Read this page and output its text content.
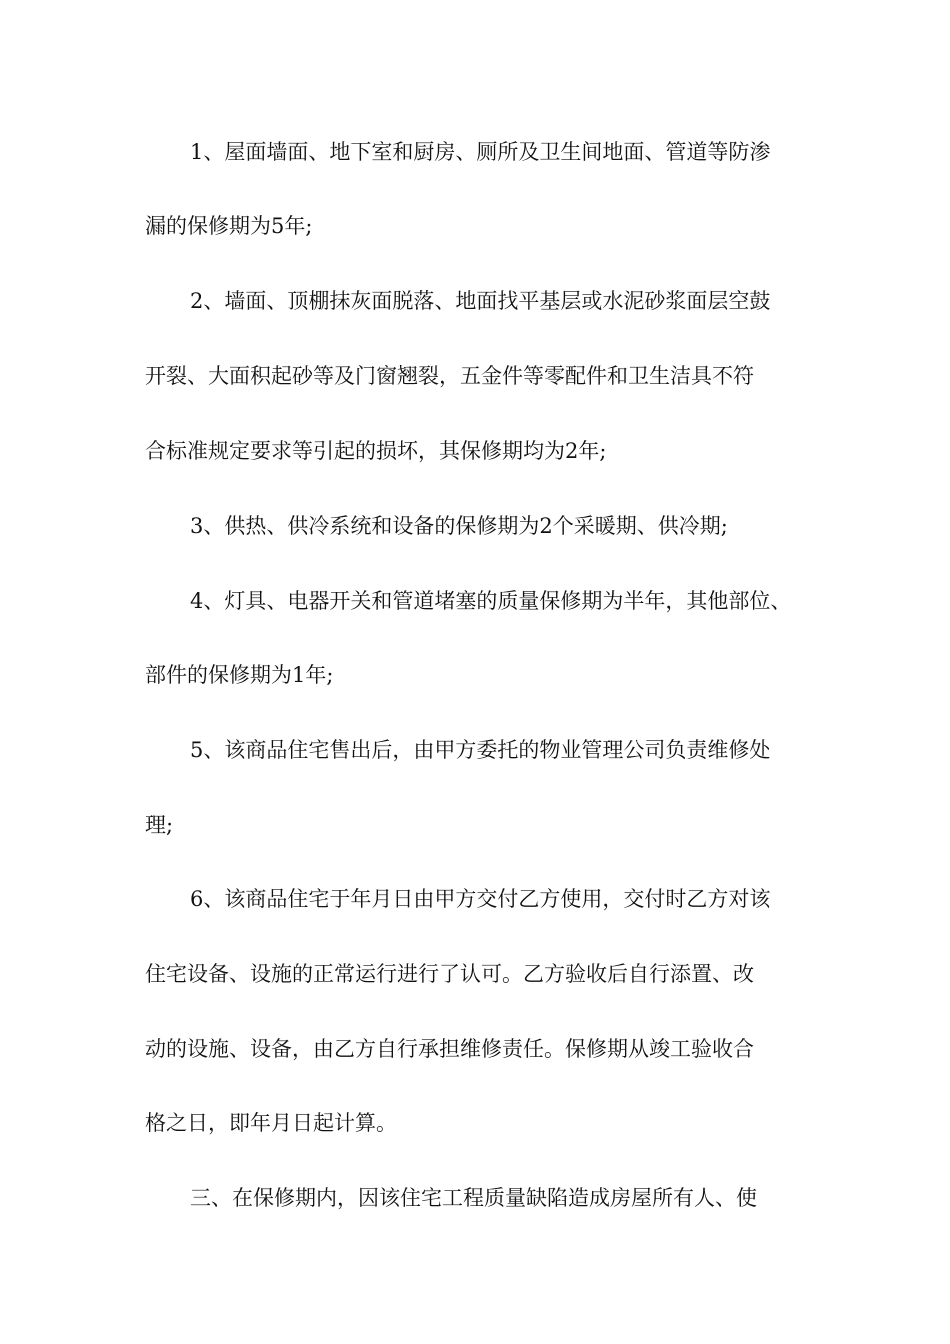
1、屋面墙面、地下室和厨房、厕所及卫生间地面、管道等防渗
漏的保修期为5年;
2、墙面、顶棚抹灰面脱落、地面找平基层或水泥砂浆面层空鼓
开裂、大面积起砂等及门窗翘裂，五金件等零配件和卫生洁具不符
合标准规定要求等引起的损坏，其保修期均为2年;
3、供热、供冷系统和设备的保修期为2个采暖期、供冷期;
4、灯具、电器开关和管道堵塞的质量保修期为半年，其他部位、
部件的保修期为1年;
5、该商品住宅售出后，由甲方委托的物业管理公司负责维修处
理;
6、该商品住宅于年月日由甲方交付乙方使用，交付时乙方对该
住宅设备、设施的正常运行进行了认可。乙方验收后自行添置、改
动的设施、设备，由乙方自行承担维修责任。保修期从竣工验收合
格之日，即年月日起计算。
三、在保修期内，因该住宅工程质量缺陷造成房屋所有人、使
